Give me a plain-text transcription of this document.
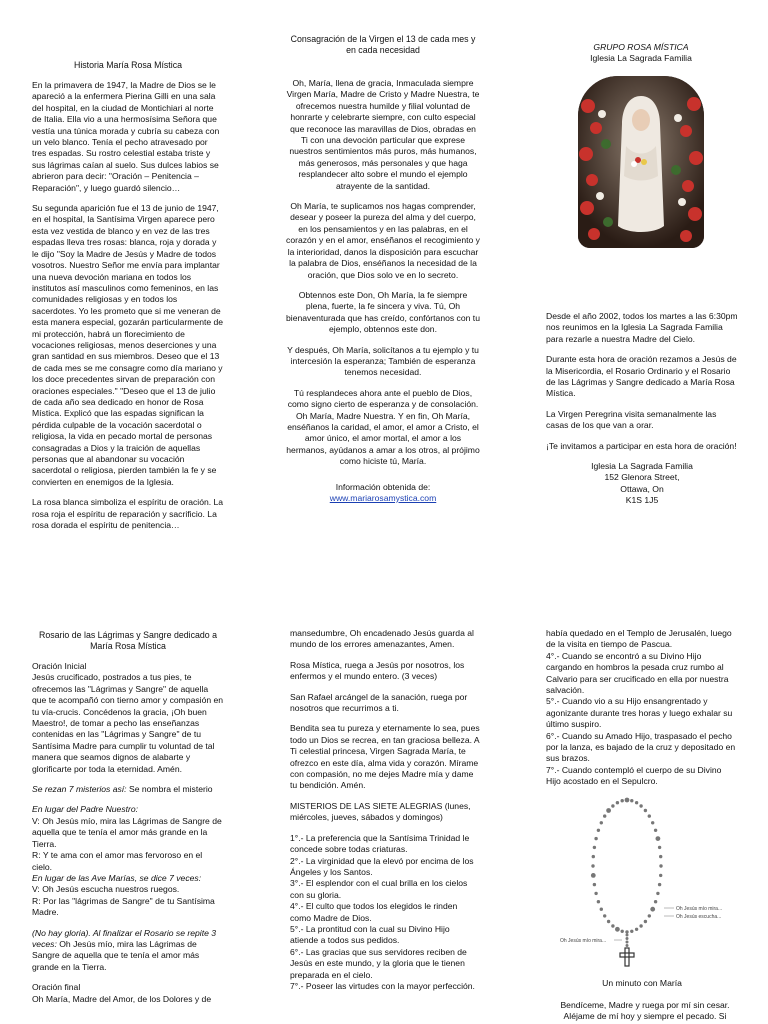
Historia María Rosa Mística

En la primavera de 1947, la Madre de Dios se le apareció a la enfermera Pierina Gilli en una sala del hospital, en la ciudad de Montichiari al norte de Italia. Ella vio a una hermosísima Señora que vestía una túnica morada y cubría su cabeza con un velo blanco. Tenía el pecho atravesado por tres espadas. Su rostro celestial estaba triste y sus lágrimas caían al suelo. Sus dulces labios se abrieron para decir: "Oración – Penitencia – Reparación", y luego guardó silencio…

Su segunda aparición fue el 13 de junio de 1947, en el hospital, la Santísima Virgen aparece pero esta vez vestida de blanco y en vez de las tres espadas lleva tres rosas: blanca, roja y dorada y le dijo "Soy la Madre de Jesús y Madre de todos vosotros. Nuestro Señor me envía para implantar una nueva devoción mariana en todos los institutos así masculinos como femeninos, en las comunidades religiosas y en todos los sacerdotes. Yo les prometo que si me veneran de esta manera especial, gozarán particularmente de mi protección, habrá un florecimiento de vocaciones religiosas, menos deserciones y una gran santidad en sus miembros. Deseo que el 13 de cada mes se me consagre como día mariano y los doce precedentes sirvan de preparación con oraciones especiales." "Deseo que el 13 de julio de cada año sea dedicado en honor de Rosa Mística. Explicó que las espadas significan la pérdida culpable de la vocación sacerdotal o religiosa, la vida en pecado mortal de personas consagradas a Dios y la traición de aquellas personas que al abandonar su vocación sacerdotal o religiosa, pierden también la fe y se convierten en enemigos de la Iglesia.

La rosa blanca simboliza el espíritu de oración. La rosa roja el espíritu de reparación y sacrificio. La rosa dorada el espíritu de penitencia…

Consagración de la Virgen el 13 de cada mes y en cada necesidad

Oh, María, llena de gracia, Inmaculada siempre Virgen María, Madre de Cristo y Madre Nuestra, te ofrecemos nuestra humilde y filial voluntad de honrarte y celebrarte siempre, con culto especial que reconoce las maravillas de Dios, obradas en Ti con una devoción particular que exprese nuestros sentimientos más puros, más humanos, más generosos, más personales y que haga resplandecer alto sobre el mundo el ejemplo atrayente de la santidad.

Oh María, te suplicamos nos hagas comprender, desear y poseer la pureza del alma y del cuerpo, en los pensamientos y en las palabras, en el corazón y en el amor, enséñanos el recogimiento y la interioridad, danos la disposición para escuchar la palabra de Dios, enséñanos la necesidad de la oración, que Dios solo ve en lo secreto.

Obtennos este Don, Oh María, la fe siempre plena, fuerte, la fe sincera y viva. Tú, Oh bienaventurada que has creído, confórtanos con tu ejemplo, obtennos este don.

Y después, Oh María, solicítanos a tu ejemplo y tu intercesión la esperanza; También de esperanza tenemos necesidad.

Tú resplandeces ahora ante el pueblo de Dios, como signo cierto de esperanza y de consolación. Oh María, Madre Nuestra. Y en fin, Oh María, enséñanos la caridad, el amor, el amor a Cristo, el amor único, el amor mortal, el amor a los hermanos, ayúdanos a amar a los otros, al prójimo como hiciste tú, María.

Información obtenida de:
www.mariarosamystica.com
GRUPO ROSA MÍSTICA
Iglesia La Sagrada Familia

Desde el año 2002, todos los martes a las 6:30pm nos reunimos en la Iglesia La Sagrada Familia para rezarle a nuestra Madre del Cielo.

Durante esta hora de oración rezamos a Jesús de la Misericordia, el Rosario Ordinario y el Rosario de las Lágrimas y Sangre dedicado a María Rosa Mística.

La Virgen Peregrina visita semanalmente las casas de los que van a orar.

¡Te invitamos a participar en esta hora de oración!

Iglesia La Sagrada Familia
152 Glenora Street,
Ottawa, On
K1S 1J5
Rosario de las Lágrimas y Sangre dedicado a María Rosa Mística
Oración Inicial

Jesús crucificado, postrados a tus pies, te ofrecemos las "Lágrimas y Sangre" de aquella que te acompañó con tierno amor y compasión en tu vía-crucis. Concédenos la gracia, ¡Oh buen Maestro!, de tomar a pecho las enseñanzas contenidas en las "Lágrimas y Sangre" de tu Santísima Madre para cumplir tu voluntad de tal manera que seamos dignos de alabarte y glorificarte por toda la eternidad. Amén.

Se rezan 7 misterios así: Se nombra el misterio

En lugar del Padre Nuestro:
V: Oh Jesús mío, mira las Lágrimas de Sangre de aquella que te tenía el amor más grande en la Tierra.
R: Y te ama con el amor mas fervoroso en el cielo.
En lugar de las Ave Marías, se dice 7 veces:
V: Oh Jesús escucha nuestros ruegos.

R: Por las "lágrimas de Sangre" de tu Santísima Madre.

(No hay gloria). Al finalizar el Rosario se repite 3 veces: Oh Jesús mío, mira las Lágrimas de Sangre de aquella que te tenía el amor más grande en la Tierra.

Oración final
Oh María, Madre del Amor, de los Dolores y de

mansedumbre, Oh encadenado Jesús guarda al mundo de los errores amenazantes, Amen.

Rosa Mística, ruega a Jesús por nosotros, los enfermos y el mundo entero. (3 veces)

San Rafael arcángel de la sanación, ruega por nosotros que recurrimos a ti.

Bendita sea tu pureza y eternamente lo sea, pues todo un Dios se recrea, en tan graciosa belleza. A Ti celestial princesa, Virgen Sagrada María, te ofrezco en este día, alma vida y corazón. Mírame con compasión, no me dejes Madre mía y dame tu bendición. Amén.

MISTERIOS DE LAS SIETE ALEGRIAS (lunes, miércoles, jueves, sábados y domingos)

1°.- La preferencia que la Santísima Trinidad le concede sobre todas criaturas.
2°.- La virginidad que la elevó por encima de los Ángeles y los Santos.
3°.- El esplendor con el cual brilla en los cielos con su gloria.
4°.- El culto que todos los elegidos le rinden como Madre de Dios.
5°.- La prontitud con la cual su Divino Hijo atiende a todos sus pedidos.
6°.- Las gracias que sus servidores reciben de Jesús en este mundo, y la gloria que le tienen preparada en el cielo.
7°.- Poseer las virtudes con la mayor perfección.
había quedado en el Templo de Jerusalén, luego de la visita en tiempo de Pascua.
4°.- Cuando se encontró a su Divino Hijo cargando en hombros la pesada cruz rumbo al Calvario para ser crucificado en ella por nuestra salvación.
5°.- Cuando vio a su Hijo ensangrentado y agonizante durante tres horas y luego exhalar su último suspiro.
6°.- Cuando su Amado Hijo, traspasado el pecho por la lanza, es bajado de la cruz y depositado en sus brazos.
7°.- Cuando contempló el cuerpo de su Divino Hijo acostado en el Sepulcro.
Oh Jesús mío mira...
Oh Jesús escucha...
Oh Jesús mío mira...
Un minuto con María
Bendíceme, Madre y ruega por mí sin cesar. Aléjame de mí hoy y siempre el pecado. Si
